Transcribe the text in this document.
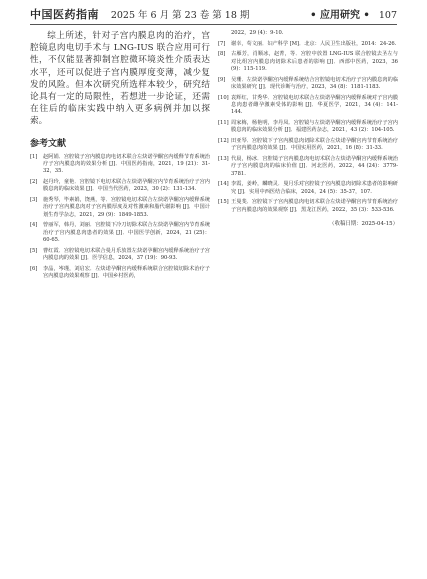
中国医药指南 2025 年 6 月 第 23 卷 第 18 期	• 应用研究 • 107

综上所述，针对子宫内膜息肉的治疗，宫腔镜息肉电切手术与 LNG-IUS 联合应用可行性，不仅能显著抑制宫腔微环境炎性介质表达水平，还可以促进子宫内膜厚度变薄，减少复发的风险。但本次研究所选样本较少，研究结论具有一定的局限性，若想进一步论证，还需在往后的临床实践中纳入更多病例并加以探索。

参考文献
[1]	赵阿娟．宫腔镜子宫内膜息肉电切术联合左炔诺孕酮宫内缓释节育系统治疗子宫内膜息肉的效果分析 [J]．中国医药指南，2021，19 (21)：31-32，35.
[2]	赵丹玲，童艳．宫腔镜下电切术联合左炔诺孕酮宫内节育系统治疗子宫内膜息肉的临床效果 [J]．中国当代医药，2023，30 (2)：131-134.
[3]	施秀琴，毕素娟，饶燕，等．宫腔镜电切术联合左炔诺孕酮宫内缓释系统治疗子宫内膜息肉对子宫内膜厚度及对性激素和脂代谢影响 [J]．中国计划生育学杂志，2021，29 (9)：1849-1853.
[4]	曾丽军，韩丹，刘丽．宫腔镜下冷刀切除术联合左炔诺孕酮宫内节育系统治疗子宫内膜息肉患者的效果 [J]．中国医学创新，2024，21 (25)：60-65.
[5]	曹红霞．宫腔镜电切术联合曼月乐放置左炔诺孕酮宫内缓释系统治疗子宫内膜息肉的效果 [J]．医学信息，2024，37 (19)：90-93.
[6]	李晶，岑瑾，刘启宏．左炔诺孕酮宫内缓释系统联合宫腔镜切除术治疗子宫内膜息肉效果观察 [J]．中国乡村医药，
2022，29 (4)：9-10.
[7]	谢幸，苟文丽．妇产科学 [M]．北京：人民卫生出版社，2014：24-26.
[8]	古雁芳，肖顺冰，赵菁，等．宫腔中放置 LNG-IUS 联合腔镜去圣左与对比组宫内膜息肉切除术后患者的影响 [J]．西部中医药，2023，36 (9)：115-119.
[9]	吴珊．左炔诺孕酮宫内缓释系统结合宫腔镜电切术治疗子宫内膜息肉的临床效果研究 [J]．现代诊断与治疗，2023，34 (8)：1181-1183.
[10] 袁辉红，甘秀华．宫腔镜电切术联合左炔诺孕酮宫内缓释系统对子宫内膜息肉患者雌孕激素受体的影响 [J]．华夏医学，2021，34 (4)：141-144.
[11] 周家梅，杨艳明，李丹凤．宫腔镜与左炔诺孕酮宫内缓释系统治疗子宫内膜息肉的临床效果分析 [J]．福建医药杂志，2021，43 (2)：104-105.
[12] 田亚琴．宫腔镜下子宫内膜息肉切除术联合左炔诺孕酮宫内节育系统治疗子宫内膜息肉的效果 [J]．中国实用医药，2021，16 (8)：31-33.
[13] 代晨，杨冰．宫腔镜子宫内膜息肉电切术联合左炔诺孕酮宫内缓释系统治疗子宫内膜息肉的临床价值 [J]．河北医药，2022，44 (24)：3779-3781.
[14] 李霞，姜岭，麟晓灵．曼月乐对宫腔镜子宫内膜息肉切除术患者的影响研究 [J]．实用中西医结合临床，2024，24 (5)：35-37，107.
[15] 王曼斐．宫腔镜下子宫内膜息肉电切术联合左炔诺孕酮宫内节育系统治疗子宫内膜息肉的效果观察 [J]．黑龙江医药，2022，35 (3)：533-536.
（收稿日期：2025-04-15）
